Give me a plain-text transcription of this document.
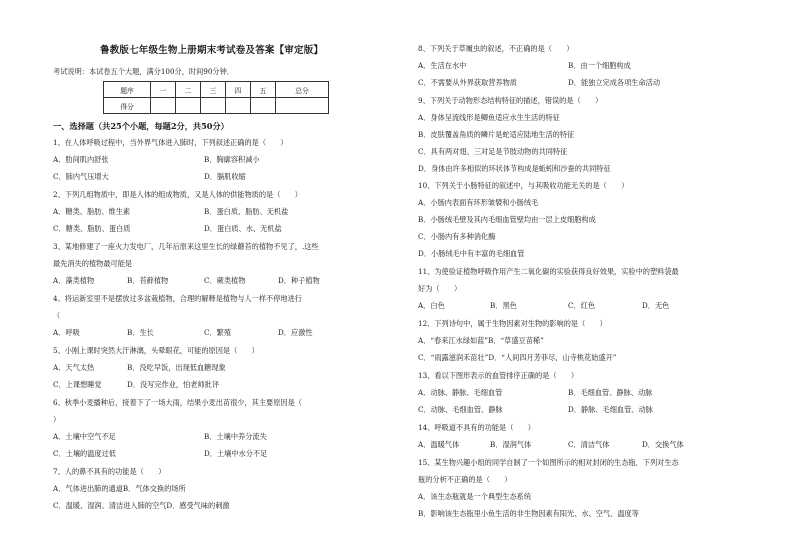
鲁教版七年级生物上册期末考试卷及答案【审定版】
考试说明：本试卷五个大题，满分100分，时间90分钟．
题序	一	二	三	四	五	总分
得分						
一、选择题（共25个小题，每题2分，共50分）
1、在人体呼吸过程中，当外界气体进入肺时，下列叙述正确的是（　　）
A．肋间肌内舒张	B．胸廓容积减小
C．肺内气压增大	D．膈肌收缩
2、下列几组物质中，即是人体的组成物质，又是人体的供能物质的是（　　）
A．糖类、脂肪、维生素	B．蛋白质、脂肪、无机盐
C．糖类、脂肪、蛋白质	D．蛋白质、水、无机盐
3、某地修建了一座火力发电厂，几年后原来这里生长的绿蘑苔的植物不见了，.这些
最先消失的植物最可能是
A．藻类植物	B．苔藓植物	C．蕨类植物	D．种子植物
4、将运新室里不是摆放过多盆栽植物，合理的解释是植物与人一样不停地进行
（
A．呼吸	B．生长	C．繁殖	D．应激性
5、小刚上课时突然大汗淋漓，头晕眼花，可能的原因是（　　）
A．天气太热	B．没吃早饭，出现低血糖现象
C．上课想睡觉	D．没写完作业，怕老师批评
6、秋季小麦播种后，接着下了一场大雨，结果小麦出苗很少，其主要原因是（
）
A．土壤中空气不足	B．土壤中养分流失
C．土壤的温度过低	D．土壤中水分不足
7、人的鼻不具有的功能是（　　）
A．气体进出肺的通道B．气体交换的场所
C．温暖、湿润、清洁进入肺的空气D．感受气味的刺激
8、下列关于草履虫的叙述，不正确的是（　　）
A．生活在水中	B．由一个细胞构成
C．不需要从外界获取营养物质	D．能独立完成各项生命活动
9、下列关于动物形态结构特征的描述，错误的是（　　）
A．身体呈流线形是鲫鱼适应水生生活的特征
B．皮肤覆盖角质的鳞片是蛇适应陆地生活的特征
C．具有两对翅、三对足是节肢动物的共同特征
D．身体由许多相似的环状体节构成是蚯蚓和沙蚕的共同特征
10、下列关于小肠特征的叙述中，与其吸收功能无关的是（　　）
A．小肠内表面有环形皱襞和小肠绒毛
B．小肠绒毛壁及其内毛细血管壁均由一层上皮细胞构成
C．小肠内有多种消化酶
D．小肠绒毛中有丰富的毛细血管
11、为使验证植物呼吸作用产生二氧化碳的实验获得良好效果，实验中的塑料袋最
好为（　　）
A．白色	B．黑色	C．红色	D．无色
12、下列诗句中，属于生物因素对生物的影响的是（　　）
A．“春来江水绿如蓝”B．“草盛豆苗稀”
C．“雨露滋润禾苗壮”D．“人间四月芳菲尽，山寺桃花始盛开”
13、看以下图形表示的血管排序正确的是（　　）
A．动脉、静脉、毛细血管	B．毛细血管、静脉、动脉
C．动脉、毛细血管、静脉	D．静脉、毛细血管、动脉
14、呼吸道不具有的功能是（　　）
A．温暖气体	B．湿润气体	C．清洁气体	D．交换气体
15、某生物兴趣小组的同学自制了一个如图所示的相对封闭的生态瓶．下列对生态
瓶的分析不正确的是（　　）
A．该生态瓶就是一个典型生态系统
B．影响该生态瓶里小鱼生活的非生物因素有阳光、水、空气、温度等
